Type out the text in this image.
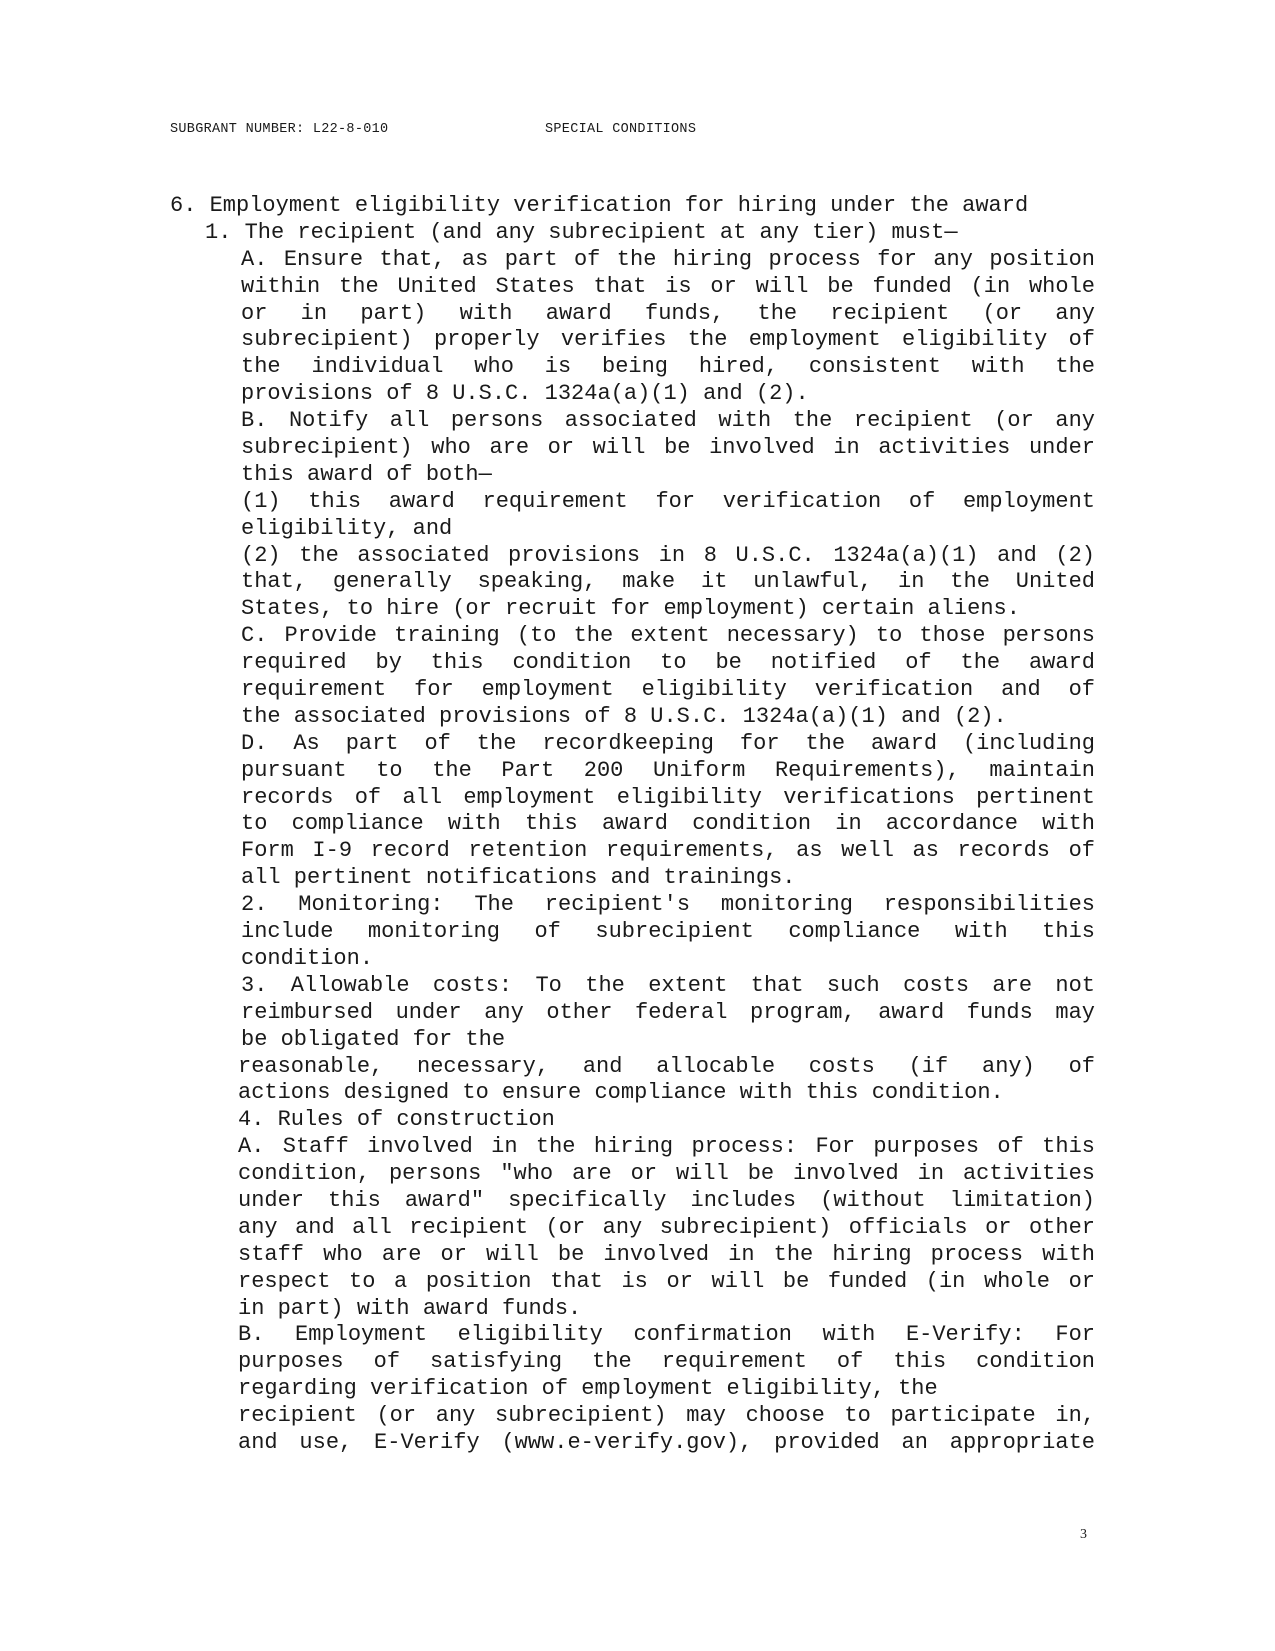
SUBGRANT NUMBER: L22-8-010	SPECIAL CONDITIONS
6. Employment eligibility verification for hiring under the award
1. The recipient (and any subrecipient at any tier) must—
A. Ensure that, as part of the hiring process for any position
within the United States that is or will be funded (in whole
or in part) with award funds, the recipient (or any
subrecipient) properly verifies the employment eligibility of
the individual who is being hired, consistent with the
provisions of 8 U.S.C. 1324a(a)(1) and (2).
B. Notify all persons associated with the recipient (or any
subrecipient) who are or will be involved in activities under
this award of both—
(1) this award requirement for verification of employment
eligibility, and
(2) the associated provisions in 8 U.S.C. 1324a(a)(1) and (2)
that, generally speaking, make it unlawful, in the United
States, to hire (or recruit for employment) certain aliens.
C. Provide training (to the extent necessary) to those persons
required by this condition to be notified of the award
requirement for employment eligibility verification and of
the associated provisions of 8 U.S.C. 1324a(a)(1) and (2).
D. As part of the recordkeeping for the award (including
pursuant to the Part 200 Uniform Requirements), maintain
records of all employment eligibility verifications pertinent
to compliance with this award condition in accordance with
Form I-9 record retention requirements, as well as records of
all pertinent notifications and trainings.
2. Monitoring: The recipient's monitoring responsibilities
include monitoring of subrecipient compliance with this
condition.
3. Allowable costs: To the extent that such costs are not
reimbursed under any other federal program, award funds may
be obligated for the
reasonable, necessary, and allocable costs (if any) of
actions designed to ensure compliance with this condition.
4. Rules of construction
A. Staff involved in the hiring process: For purposes of this
condition, persons "who are or will be involved in activities
under this award" specifically includes (without limitation)
any and all recipient (or any subrecipient) officials or other
staff who are or will be involved in the hiring process with
respect to a position that is or will be funded (in whole or
in part) with award funds.
B. Employment eligibility confirmation with E-Verify: For
purposes of satisfying the requirement of this condition
regarding verification of employment eligibility, the
recipient (or any subrecipient) may choose to participate in,
and use, E-Verify (www.e-verify.gov), provided an appropriate
3
